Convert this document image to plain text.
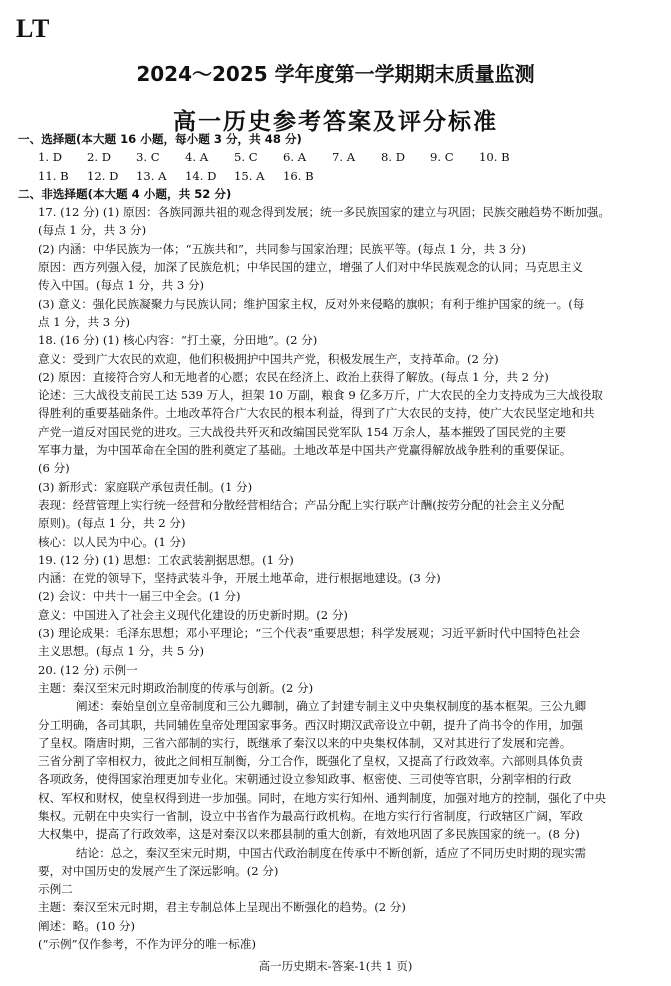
LT
2024～2025 学年度第一学期期末质量监测
高一历史参考答案及评分标准

一、选择题(本大题 16 小题，每小题 3 分，共 48 分)

1. D	2. D	3. C	4. A	5. C	6. A	7. A	8. D	9. C	10. B
11. B	12. D	13. A	14. D	15. A	16. B

二、非选择题(本大题 4 小题，共 52 分)

17. (12 分) (1) 原因：各族同源共祖的观念得到发展；统一多民族国家的建立与巩固；民族交融趋势不断加强。

(每点 1 分，共 3 分)

(2) 内涵：中华民族为一体；“五族共和”，共同参与国家治理；民族平等。(每点 1 分，共 3 分)

原因：西方列强入侵，加深了民族危机；中华民国的建立，增强了人们对中华民族观念的认同；马克思主义

传入中国。(每点 1 分，共 3 分)

(3) 意义：强化民族凝聚力与民族认同；维护国家主权，反对外来侵略的旗帜；有利于维护国家的统一。(每

点 1 分，共 3 分)

18. (16 分) (1) 核心内容：“打土豪，分田地”。(2 分)

意义：受到广大农民的欢迎，他们积极拥护中国共产党，积极发展生产，支持革命。(2 分)

(2) 原因：直接符合穷人和无地者的心愿；农民在经济上、政治上获得了解放。(每点 1 分，共 2 分)

论述：三大战役支前民工达 539 万人，担架 10 万副，粮食 9 亿多万斤，广大农民的全力支持成为三大战役取

得胜利的重要基础条件。土地改革符合广大农民的根本利益，得到了广大农民的支持，使广大农民坚定地和共

产党一道反对国民党的进攻。三大战役共歼灭和改编国民党军队 154 万余人，基本摧毁了国民党的主要

军事力量，为中国革命在全国的胜利奠定了基础。土地改革是中国共产党赢得解放战争胜利的重要保证。

(6 分)

(3) 新形式：家庭联产承包责任制。(1 分)

表现：经营管理上实行统一经营和分散经营相结合；产品分配上实行联产计酬(按劳分配的社会主义分配

原则)。(每点 1 分，共 2 分)

核心：以人民为中心。(1 分)

19. (12 分) (1) 思想：工农武装割据思想。(1 分)

内涵：在党的领导下，坚持武装斗争，开展土地革命，进行根据地建设。(3 分)

(2) 会议：中共十一届三中全会。(1 分)

意义：中国进入了社会主义现代化建设的历史新时期。(2 分)

(3) 理论成果：毛泽东思想；邓小平理论；“三个代表”重要思想；科学发展观；习近平新时代中国特色社会

主义思想。(每点 1 分，共 5 分)

20. (12 分) 示例一

主题：秦汉至宋元时期政治制度的传承与创新。(2 分)

阐述：秦始皇创立皇帝制度和三公九卿制，确立了封建专制主义中央集权制度的基本框架。三公九卿

分工明确，各司其职，共同辅佐皇帝处理国家事务。西汉时期汉武帝设立中朝，提升了尚书令的作用，加强

了皇权。隋唐时期，三省六部制的实行，既继承了秦汉以来的中央集权体制，又对其进行了发展和完善。

三省分割了宰相权力，彼此之间相互制衡，分工合作，既强化了皇权，又提高了行政效率。六部则具体负责

各项政务，使得国家治理更加专业化。宋朝通过设立参知政事、枢密使、三司使等官职，分割宰相的行政

权、军权和财权，使皇权得到进一步加强。同时，在地方实行知州、通判制度，加强对地方的控制，强化了中央

集权。元朝在中央实行一省制，设立中书省作为最高行政机构。在地方实行行省制度，行政辖区广阔，军政

大权集中，提高了行政效率，这是对秦汉以来郡县制的重大创新，有效地巩固了多民族国家的统一。(8 分)

结论：总之，秦汉至宋元时期，中国古代政治制度在传承中不断创新，适应了不同历史时期的现实需

要，对中国历史的发展产生了深远影响。(2 分)

示例二

主题：秦汉至宋元时期，君主专制总体上呈现出不断强化的趋势。(2 分)

阐述：略。(10 分)

(“示例”仅作参考，不作为评分的唯一标准)

高一历史期末-答案-1(共 1 页)
